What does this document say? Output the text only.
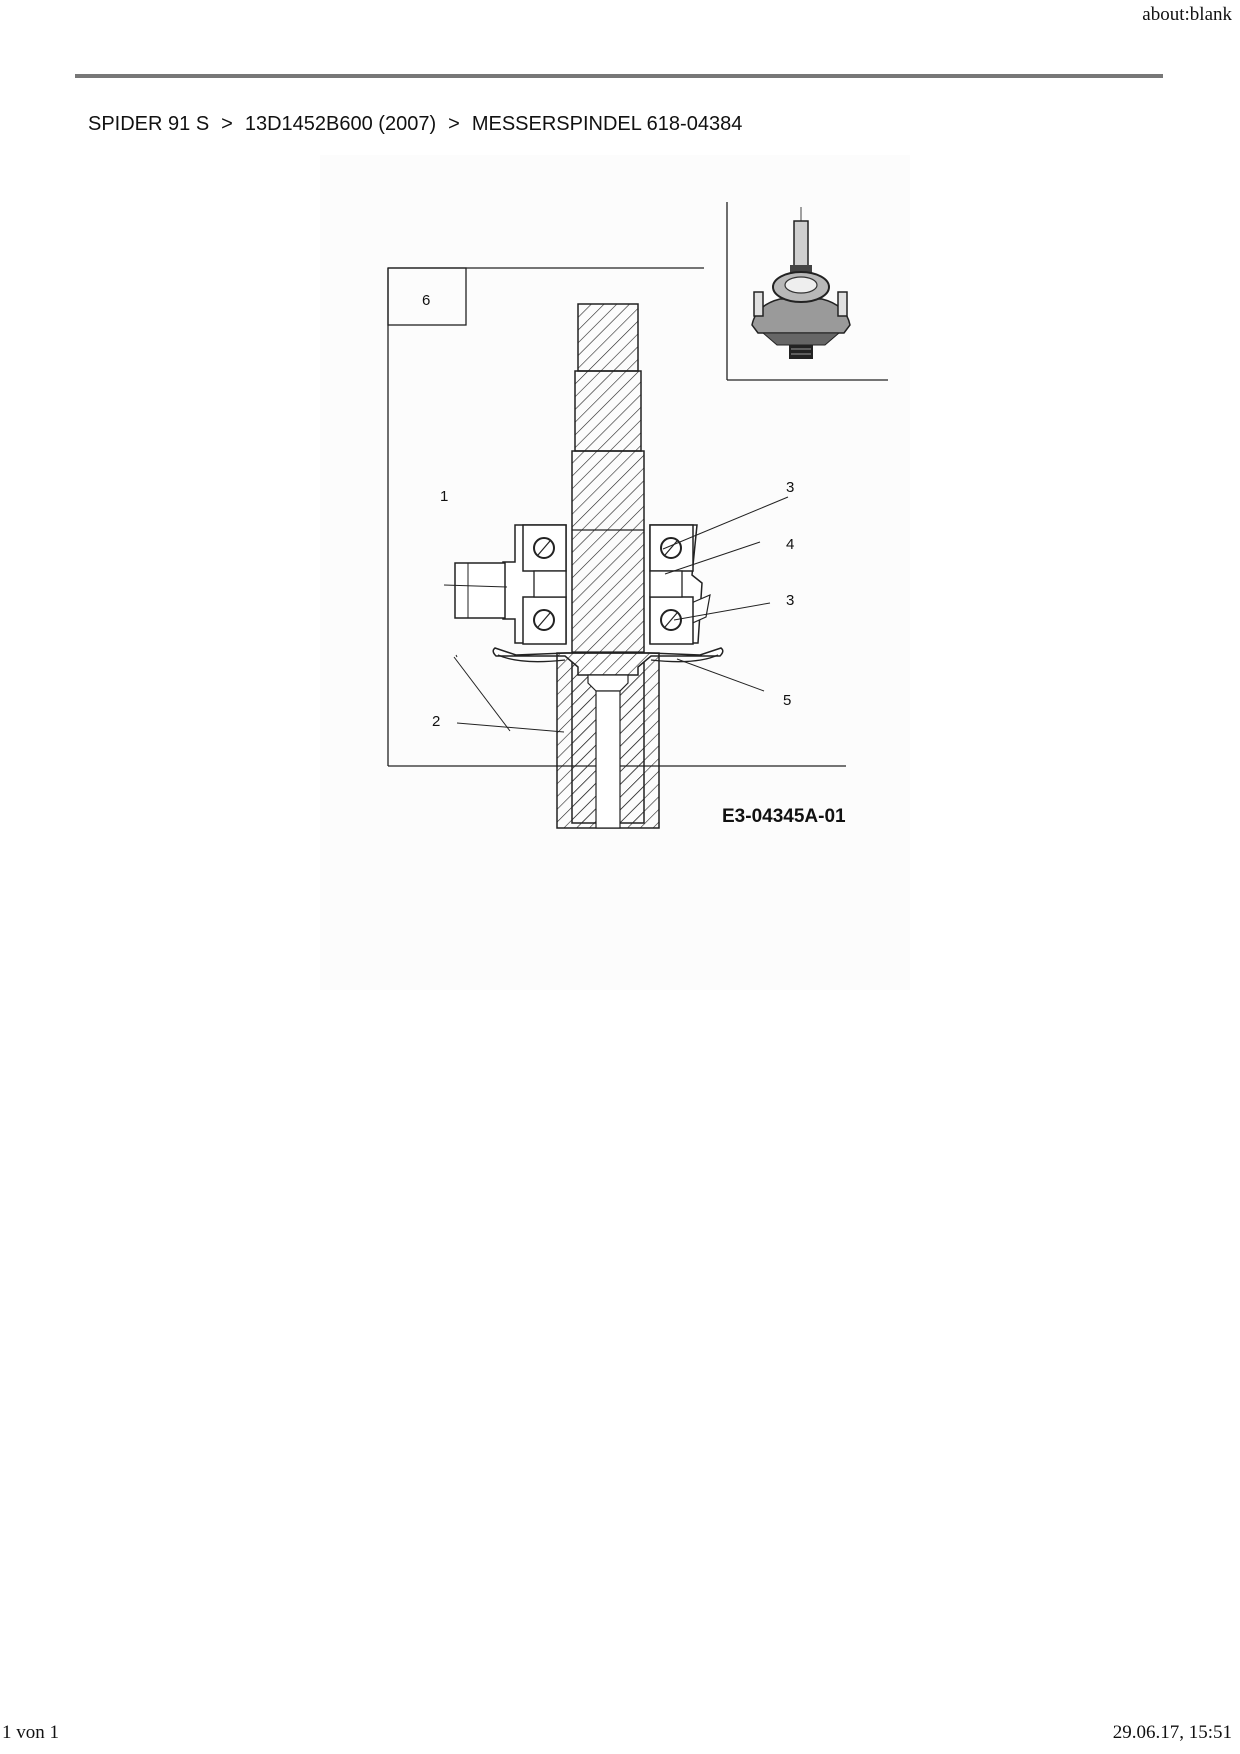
about:blank
SPIDER 91 S > 13D1452B600 (2007) > MESSERSPINDEL 618-04384
1
2
3
4
3
5
6
E3-04345A-01
1 von 1	29.06.17, 15:51
